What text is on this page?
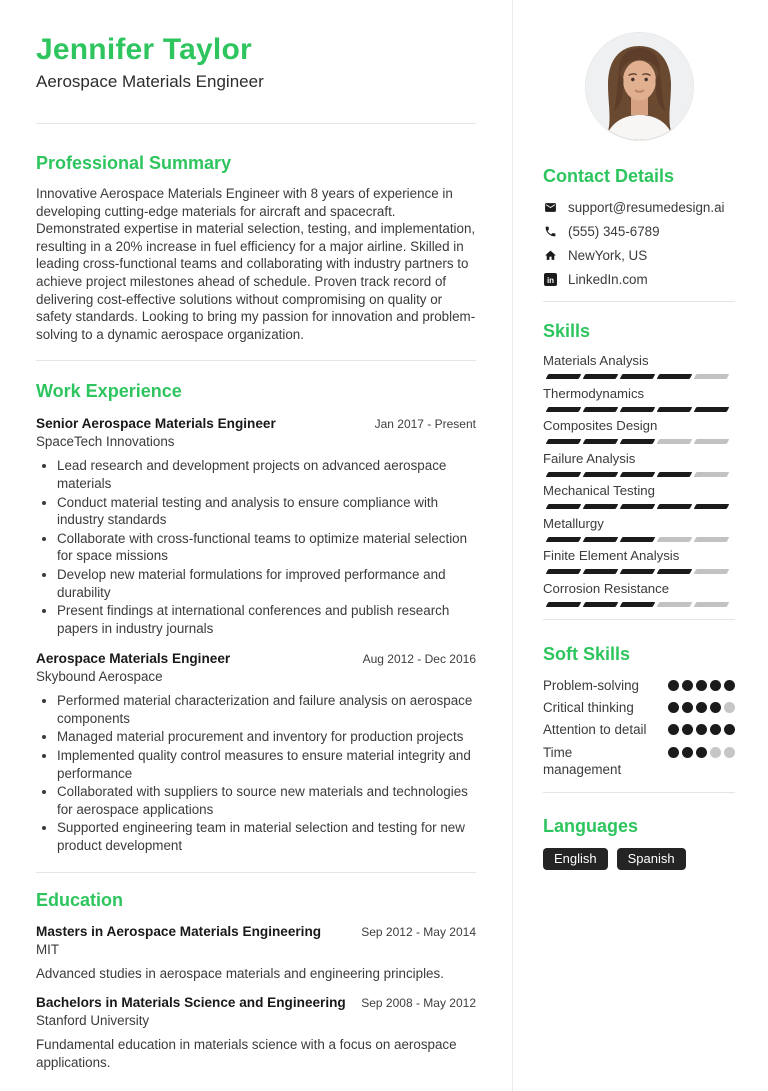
Jennifer Taylor
Aerospace Materials Engineer
Professional Summary

Innovative Aerospace Materials Engineer with 8 years of experience in developing cutting-edge materials for aircraft and spacecraft. Demonstrated expertise in material selection, testing, and implementation, resulting in a 20% increase in fuel efficiency for a major airline. Skilled in leading cross-functional teams and collaborating with industry partners to achieve project milestones ahead of schedule. Proven track record of delivering cost-effective solutions without compromising on quality or safety standards. Looking to bring my passion for innovation and problem-solving to a dynamic aerospace organization.

Work Experience
Senior Aerospace Materials Engineer	Jan 2017 - Present
SpaceTech Innovations
• Lead research and development projects on advanced aerospace materials
• Conduct material testing and analysis to ensure compliance with industry standards
• Collaborate with cross-functional teams to optimize material selection for space missions
• Develop new material formulations for improved performance and durability
• Present findings at international conferences and publish research papers in industry journals
Aerospace Materials Engineer	Aug 2012 - Dec 2016
Skybound Aerospace
• Performed material characterization and failure analysis on aerospace components
• Managed material procurement and inventory for production projects
• Implemented quality control measures to ensure material integrity and performance
• Collaborated with suppliers to source new materials and technologies for aerospace applications
• Supported engineering team in material selection and testing for new product development
Education
Masters in Aerospace Materials Engineering	Sep 2012 - May 2014
MIT

Advanced studies in aerospace materials and engineering principles.

Bachelors in Materials Science and Engineering	Sep 2008 - May 2012
Stanford University

Fundamental education in materials science with a focus on aerospace applications.

Contact Details
support@resumedesign.ai
(555) 345-6789
NewYork, US
in LinkedIn.com
Skills
Materials Analysis
Thermodynamics
Composites Design
Failure Analysis
Mechanical Testing
Metallurgy
Finite Element Analysis
Corrosion Resistance
Soft Skills
Problem-solving
Critical thinking
Attention to detail
Time management
Languages
English	Spanish
